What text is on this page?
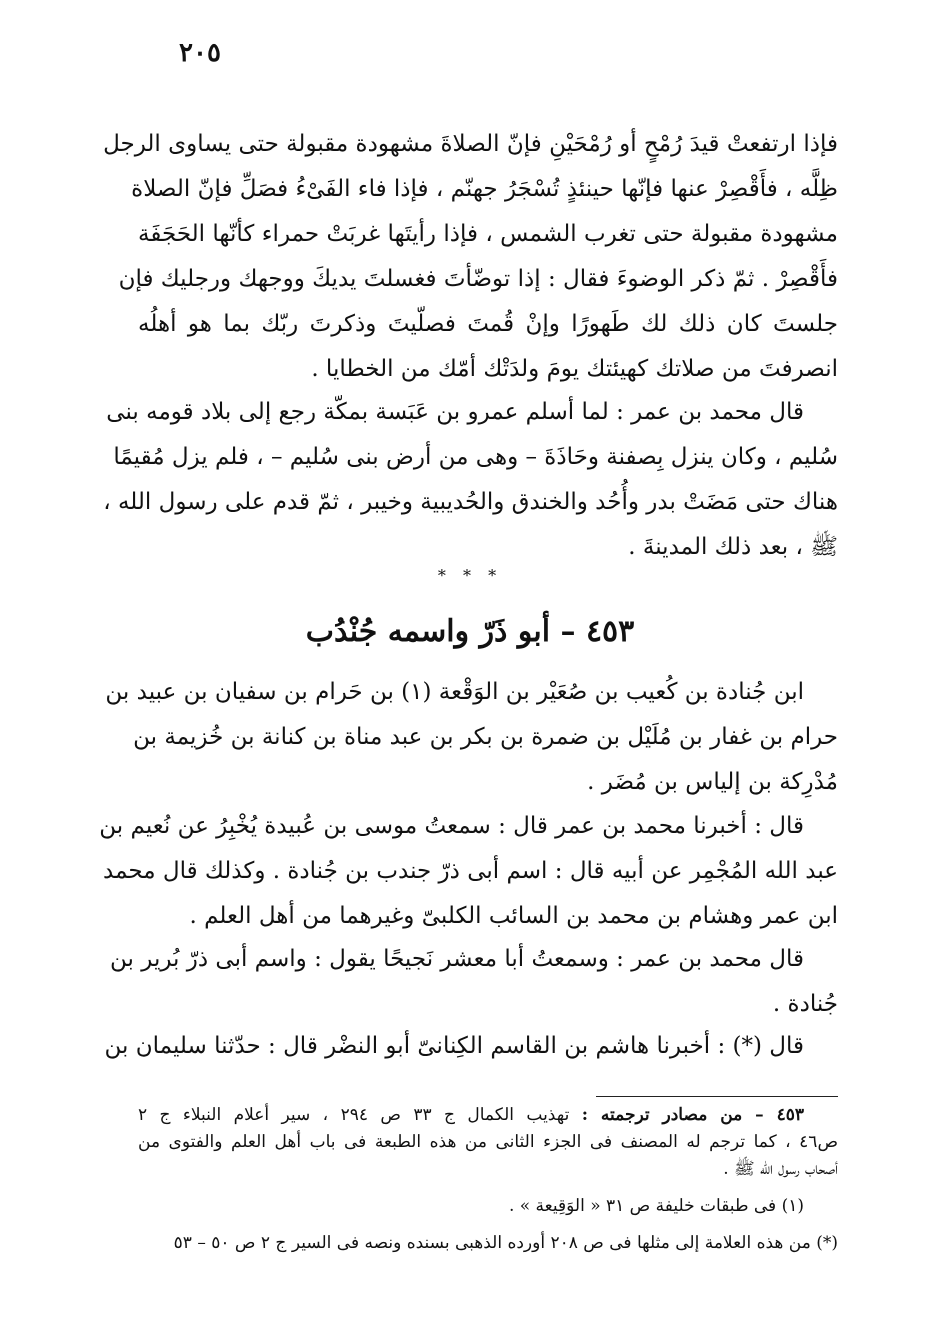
٢٠٥
فإذا ارتفعتْ قيدَ رُمْحٍ أو رُمْحَيْنِ فإنّ الصلاةَ مشهودة مقبولة حتى يساوى الرجل
ظِلَّه ، فأَقْصِرْ عنها فإنّها حينئذٍ تُسْجَرُ جهنّم ، فإذا فاء الفَىْءُ فصَلِّ فإنّ الصلاة
مشهودة مقبولة حتى تغرب الشمس ، فإذا رأيتَها غربَتْ حمراء كأنّها الحَجَفَة
فأَقْصِرْ . ثمّ ذكر الوضوءَ فقال : إذا توضّأتَ فغسلتَ يديكَ ووجهك ورجليك فإن
جلستَ كان ذلك لك طَهورًا وإنْ قُمتَ فصلّيتَ وذكرتَ ربّك بما هو أهلُه
انصرفتَ من صلاتك كهيئتك يومَ ولدَتْك أمّك من الخطايا .
قال محمد بن عمر : لما أسلم عمرو بن عَبَسة بمكّة رجع إلى بلاد قومه بنى
سُليم ، وكان ينزل بِصفنة وحَاذَةَ – وهى من أرض بنى سُليم – ، فلم يزل مُقيمًا
هناك حتى مَضَتْ بدر وأُحُد والخندق والحُديبية وخيبر ، ثمّ قدم على رسول الله ،
ﷺ ، بعد ذلك المدينةَ .
* * *
٤٥٣ – أبو ذَرّ واسمه جُنْدُب
ابن جُنادة بن كُعيب بن صُعَيْر بن الوَقْعة (١) بن حَرام بن سفيان بن عبيد بن
حرام بن غفار بن مُلَيْل بن ضمرة بن بكر بن عبد مناة بن كنانة بن خُزيمة بن
مُدْرِكة بن إلياس بن مُضَر .
قال : أخبرنا محمد بن عمر قال : سمعتُ موسى بن عُبيدة يُخْبِرُ عن نُعيم بن
عبد الله المُجْمِر عن أبيه قال : اسم أبى ذرّ جندب بن جُنادة . وكذلك قال محمد
ابن عمر وهشام بن محمد بن السائب الكلبىّ وغيرهما من أهل العلم .
قال محمد بن عمر : وسمعتُ أبا معشر نَجيحًا يقول : واسم أبى ذرّ بُرير بن
جُنادة .
قال (*) : أخبرنا هاشم بن القاسم الكِنانىّ أبو النضْر قال : حدّثنا سليمان بن
٤٥٣ – من مصادر ترجمته : تهذيب الكمال ج ٣٣ ص ٢٩٤ ، سير أعلام النبلاء ج ٢
ص٤٦ ، كما ترجم له المصنف فى الجزء الثانى من هذه الطبعة فى باب أهل العلم والفتوى من
أصحاب رسول الله ﷺ .
(١) فى طبقات خليفة ص ٣١ « الوَقِيعة » .
(*) من هذه العلامة إلى مثلها فى ص ٢٠٨ أورده الذهبى بسنده ونصه فى السير ج ٢ ص ٥٠ – ٥٣
